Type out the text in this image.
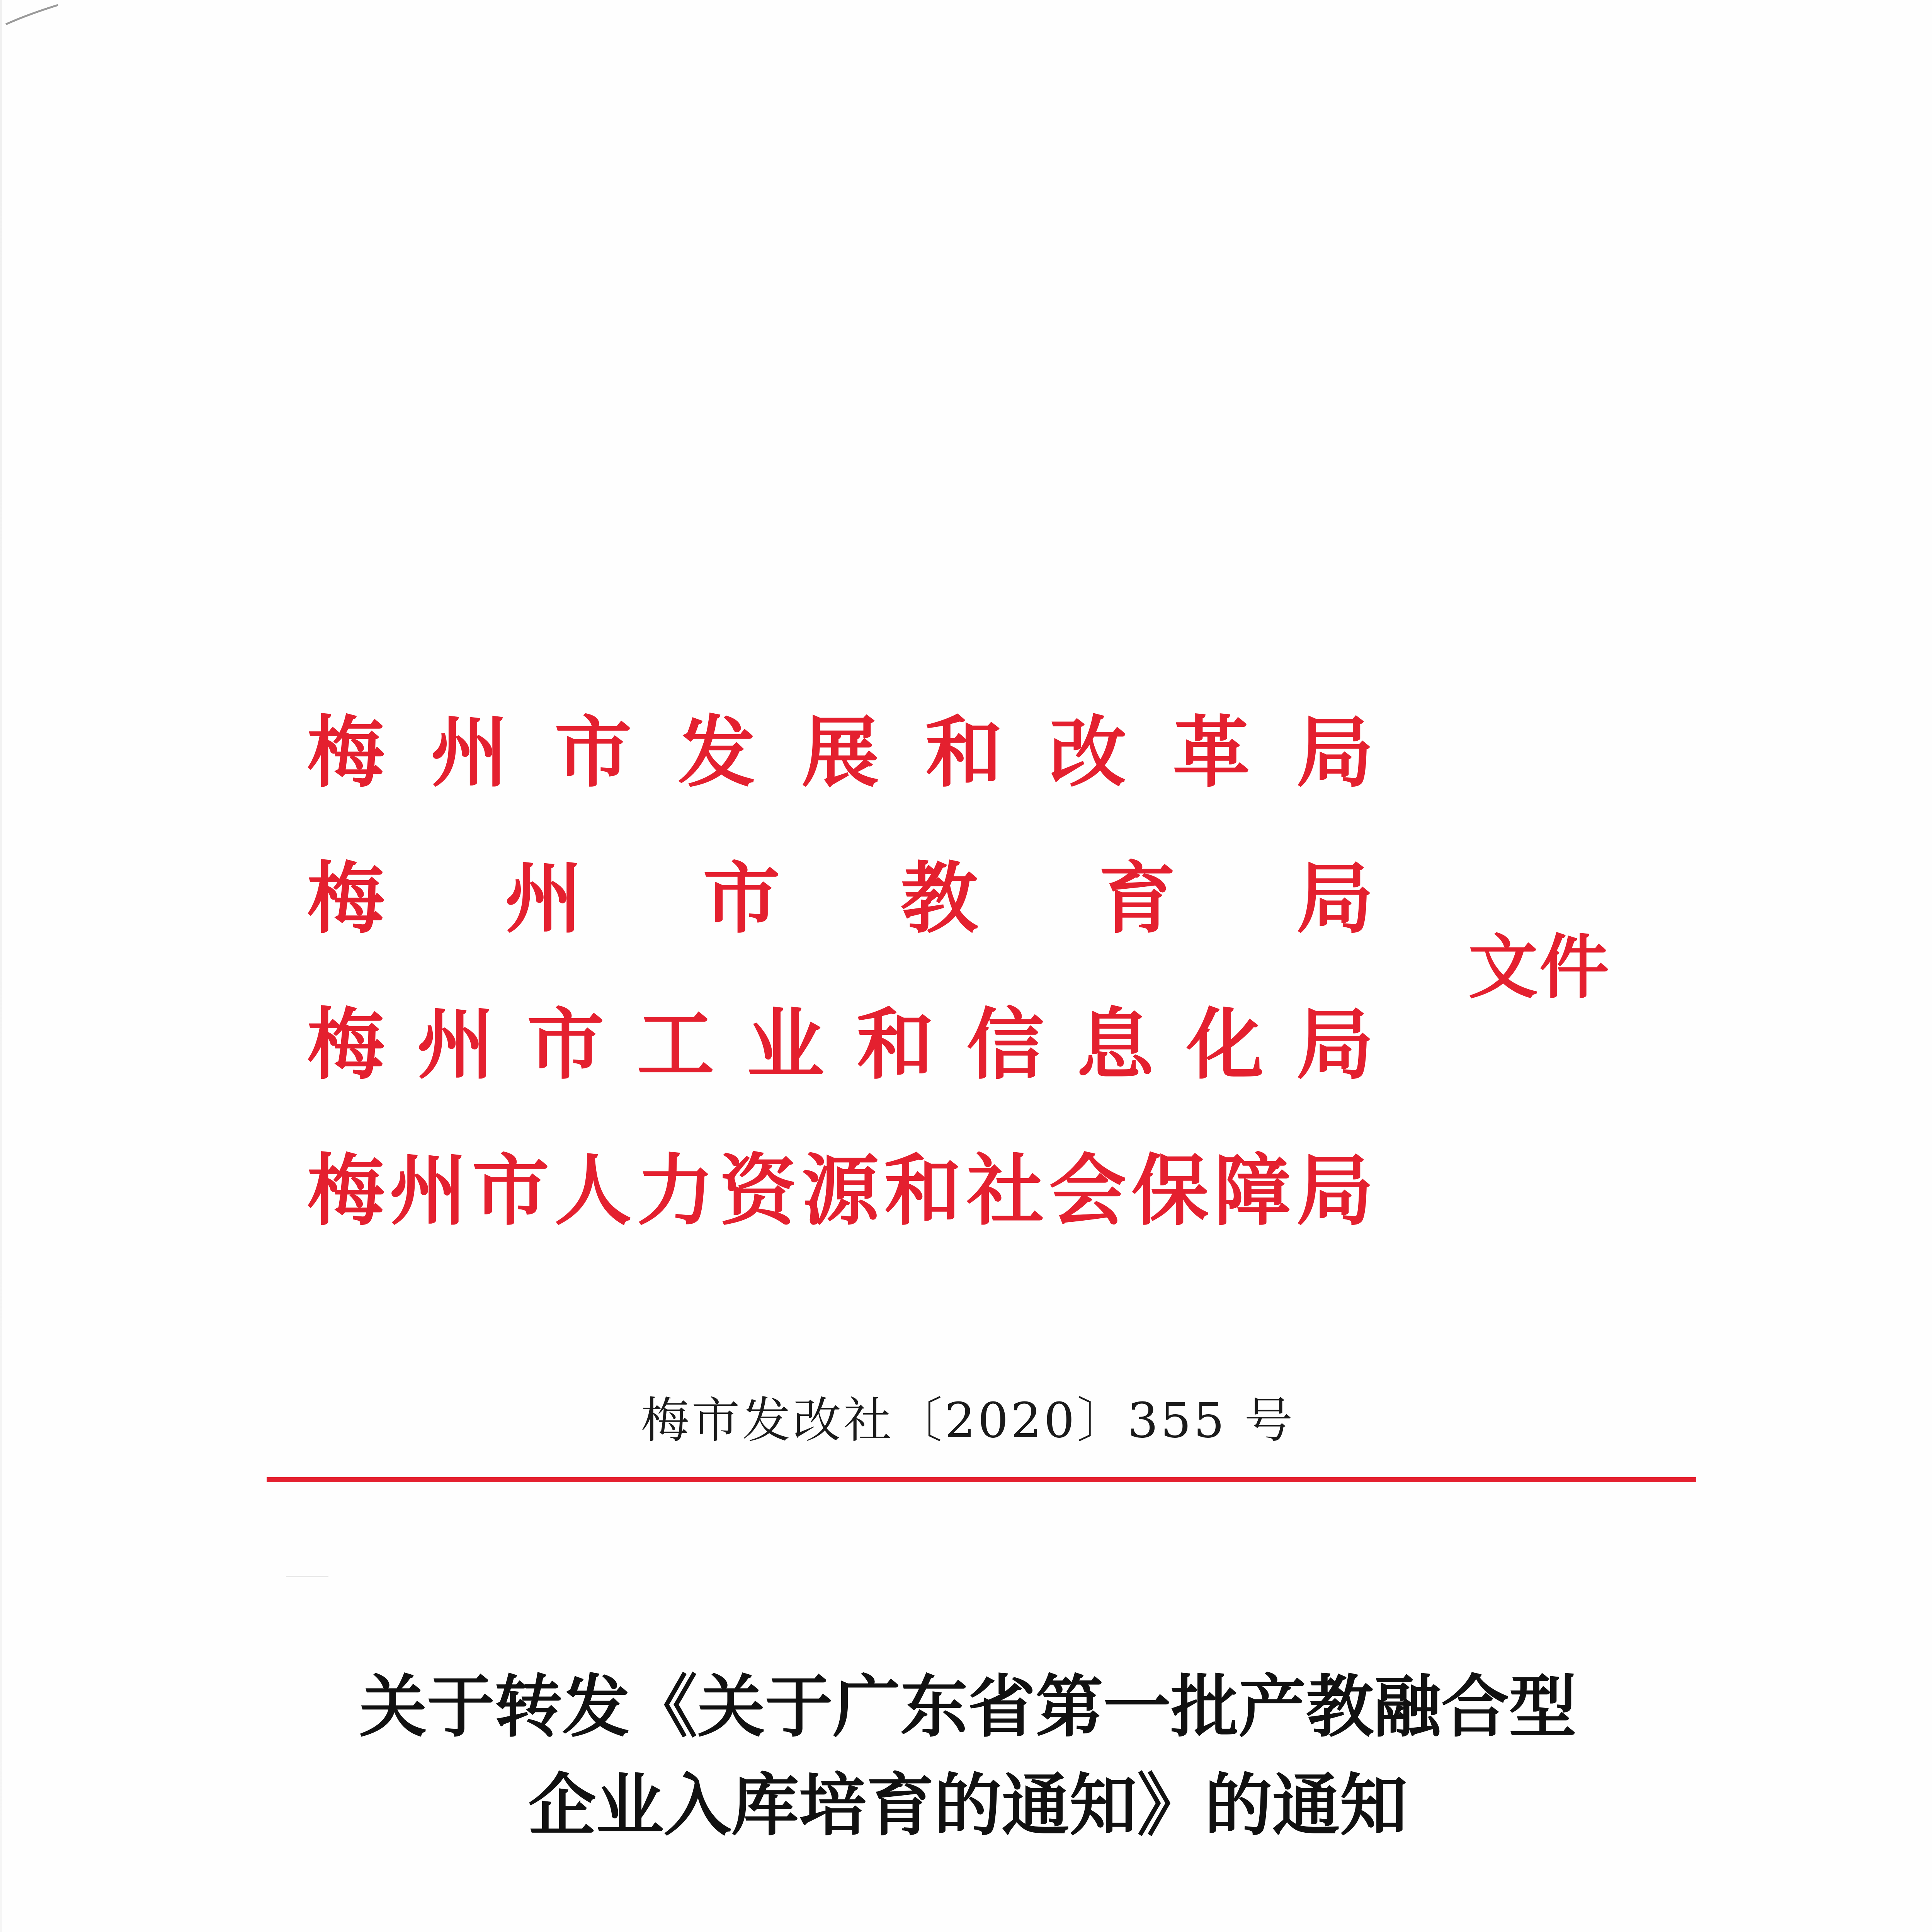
梅 州 市 发 展 和 改 革 局
梅 州 市 教 育 局
梅 州 市 工 业 和 信 息 化 局
梅 州 市 人 力 资 源 和 社 会 保 障 局
文件
梅市发改社〔2020〕355 号
关于转发《关于广东省第一批产教融合型
企业入库培育的通知》的通知
